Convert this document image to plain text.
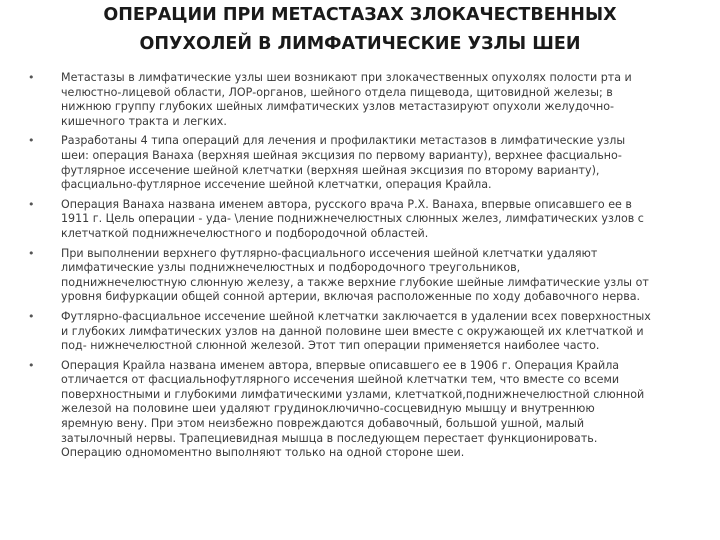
ОПЕРАЦИИ ПРИ МЕТАСТАЗАХ ЗЛОКАЧЕСТВЕННЫХ
ОПУХОЛЕЙ В ЛИМФАТИЧЕСКИЕ УЗЛЫ ШЕИ
• Метастазы в лимфатические узлы шеи возникают при злокачественных опухолях полости рта и
челюстно-лицевой области, ЛОР-органов, шейного отдела пищевода, щитовидной железы; в
нижнюю группу глубоких шейных лимфатических узлов метастазируют опухоли желудочно-
кишечного тракта и легких.
• Разработаны 4 типа операций для лечения и профилактики метастазов в лимфатические узлы
шеи: операция Ванаха (верхняя шейная эксцизия по первому варианту), верхнее фасциально-
футлярное иссечение шейной клетчатки (верхняя шейная эксцизия по второму варианту),
фасциально-футлярное иссечение шейной клетчатки, операция Крайла.
• Операция Ванаха названа именем автора, русского врача Р.Х. Ванаха, впервые описавшего ее в
1911 г. Цель операции - уда- \ление поднижнечелюстных слюнных желез, лимфатических узлов с
клетчаткой поднижнечелюстного и подбородочной областей.
• При выполнении верхнего футлярно-фасциального иссечения шейной клетчатки удаляют
лимфатические узлы поднижнечелюстных и подбородочного треугольников,
поднижнечелюстную слюнную железу, а также верхние глубокие шейные лимфатические узлы от
уровня бифуркации общей сонной артерии, включая расположенные по ходу добавочного нерва.
• Футлярно-фасциальное иссечение шейной клетчатки заключается в удалении всех поверхностных
и глубоких лимфатических узлов на данной половине шеи вместе с окружающей их клетчаткой и
под- нижнечелюстной слюнной железой. Этот тип операции применяется наиболее часто.
• Операция Крайла названа именем автора, впервые описавшего ее в 1906 г. Операция Крайла
отличается от фасциальнофутлярного иссечения шейной клетчатки тем, что вместе со всеми
поверхностными и глубокими лимфатическими узлами, клетчаткой,поднижнечелюстной слюнной
железой на половине шеи удаляют грудиноключично-сосцевидную мышцу и внутреннюю
яремную вену. При этом неизбежно повреждаются добавочный, большой ушной, малый
затылочный нервы. Трапециевидная мышца в последующем перестает функционировать.
Операцию одномоментно выполняют только на одной стороне шеи.
